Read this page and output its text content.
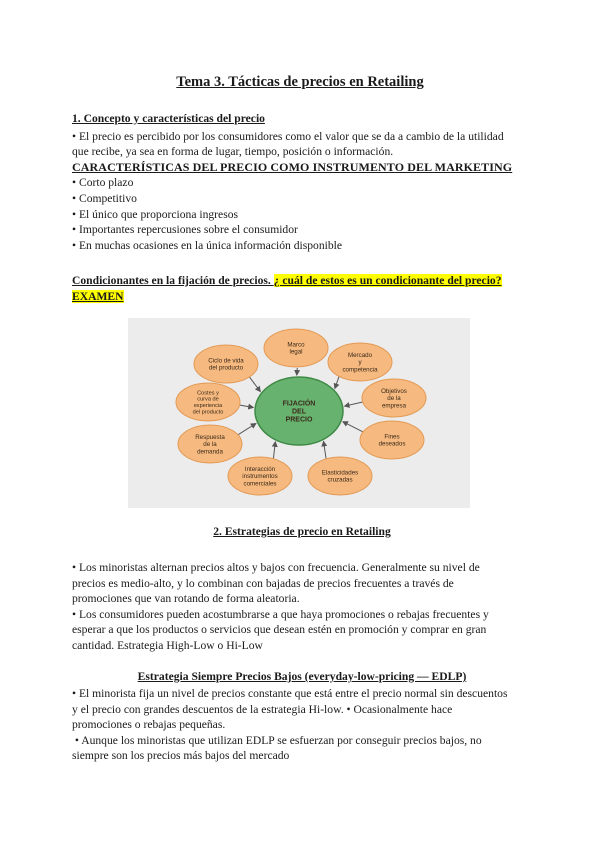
Tema 3. Tácticas de precios en Retailing
1. Concepto y características del precio
• El precio es percibido por los consumidores como el valor que se da a cambio de la utilidad
que recibe, ya sea en forma de lugar, tiempo, posición o información.
CARACTERÍSTICAS DEL PRECIO COMO INSTRUMENTO DEL MARKETING
• Corto plazo
• Competitivo
• El único que proporciona ingresos
• Importantes repercusiones sobre el consumidor
• En muchas ocasiones en la única información disponible
Condicionantes en la fijación de precios. ¿ cuál de estos es un condicionante del precio?
EXAMEN
FIJACIÓN
DEL
PRECIO
Marco
legal	Mercado
y
competencia
Objetivos
de la
empresa
Fines
deseados
Elasticidades
cruzadas
Interacción
instrumentos
comerciales
Respuesta
de la
demanda
Costes y
curva de
experiencia
del producto
Ciclo de vida
del producto
2. Estrategias de precio en Retailing
• Los minoristas alternan precios altos y bajos con frecuencia. Generalmente su nivel de
precios es medio-alto, y lo combinan con bajadas de precios frecuentes a través de
promociones que van rotando de forma aleatoria.
• Los consumidores pueden acostumbrarse a que haya promociones o rebajas frecuentes y
esperar a que los productos o servicios que desean estén en promoción y comprar en gran
cantidad. Estrategia High-Low o Hi-Low
Estrategia Siempre Precios Bajos (everyday-low-pricing — EDLP)
• El minorista fija un nivel de precios constante que está entre el precio normal sin descuentos
y el precio con grandes descuentos de la estrategia Hi-low. • Ocasionalmente hace
promociones o rebajas pequeñas.
• Aunque los minoristas que utilizan EDLP se esfuerzan por conseguir precios bajos, no
siempre son los precios más bajos del mercado
